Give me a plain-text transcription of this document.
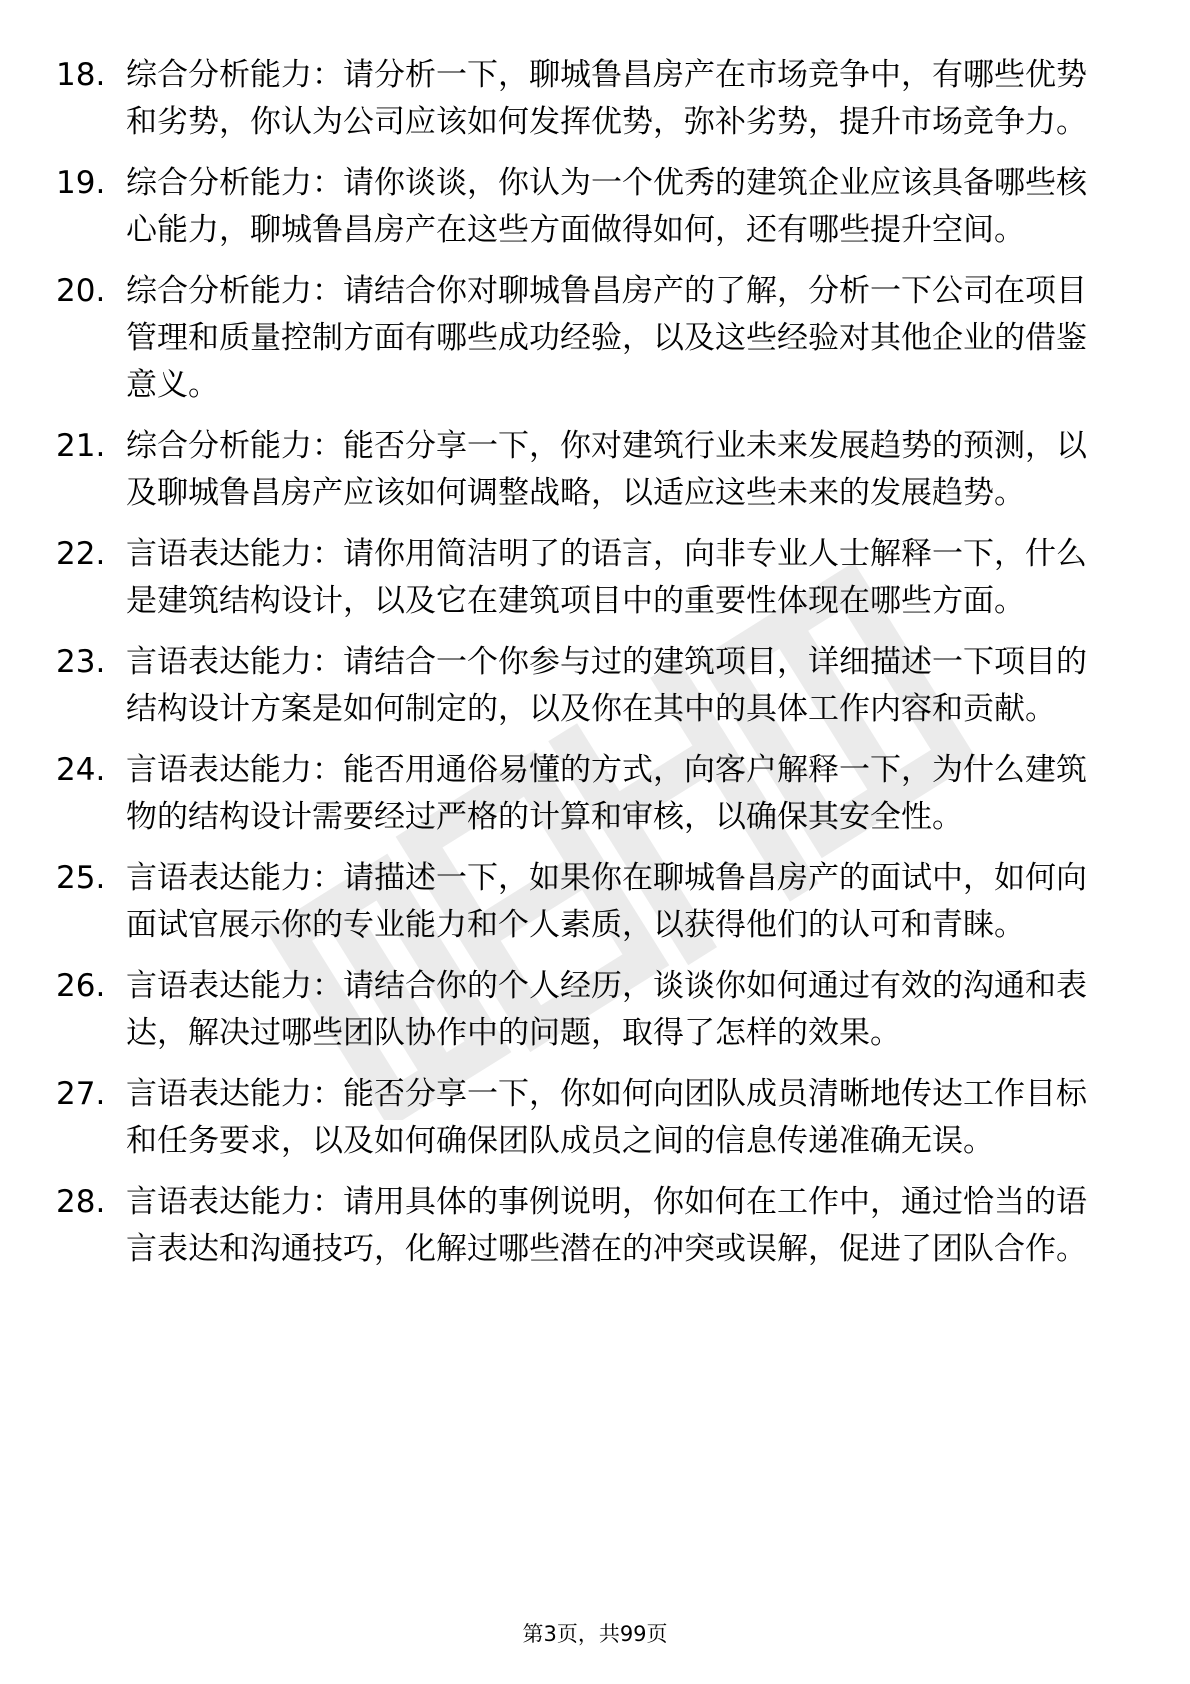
18. 综合分析能力：请分析一下，聊城鲁昌房产在市场竞争中，有哪些优势和劣势，你认为公司应该如何发挥优势，弥补劣势，提升市场竞争力。
19. 综合分析能力：请你谈谈，你认为一个优秀的建筑企业应该具备哪些核心能力，聊城鲁昌房产在这些方面做得如何，还有哪些提升空间。
20. 综合分析能力：请结合你对聊城鲁昌房产的了解，分析一下公司在项目管理和质量控制方面有哪些成功经验，以及这些经验对其他企业的借鉴意义。
21. 综合分析能力：能否分享一下，你对建筑行业未来发展趋势的预测，以及聊城鲁昌房产应该如何调整战略，以适应这些未来的发展趋势。
22. 言语表达能力：请你用简洁明了的语言，向非专业人士解释一下，什么是建筑结构设计，以及它在建筑项目中的重要性体现在哪些方面。
23. 言语表达能力：请结合一个你参与过的建筑项目，详细描述一下项目的结构设计方案是如何制定的，以及你在其中的具体工作内容和贡献。
24. 言语表达能力：能否用通俗易懂的方式，向客户解释一下，为什么建筑物的结构设计需要经过严格的计算和审核，以确保其安全性。
25. 言语表达能力：请描述一下，如果你在聊城鲁昌房产的面试中，如何向面试官展示你的专业能力和个人素质，以获得他们的认可和青睐。
26. 言语表达能力：请结合你的个人经历，谈谈你如何通过有效的沟通和表达，解决过哪些团队协作中的问题，取得了怎样的效果。
27. 言语表达能力：能否分享一下，你如何向团队成员清晰地传达工作目标和任务要求，以及如何确保团队成员之间的信息传递准确无误。
28. 言语表达能力：请用具体的事例说明，你如何在工作中，通过恰当的语言表达和沟通技巧，化解过哪些潜在的冲突或误解，促进了团队合作。
第3页，共99页
